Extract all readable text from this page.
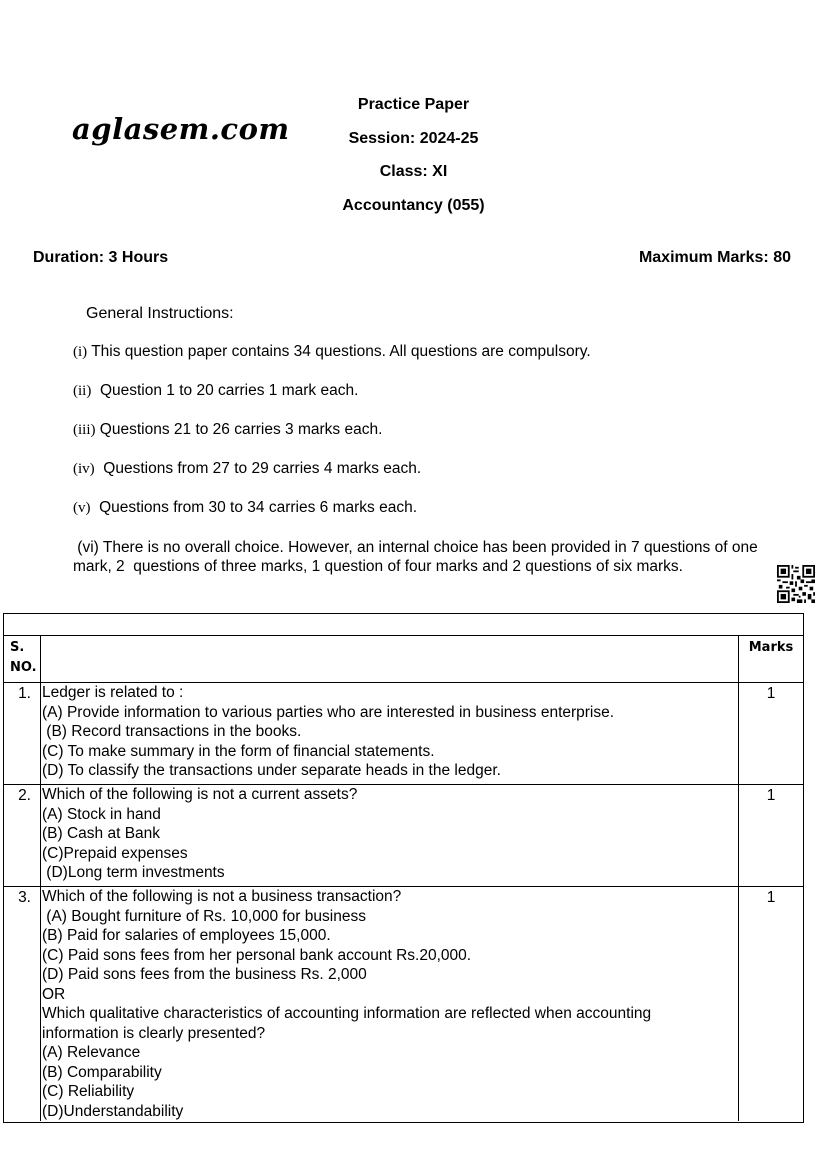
aglasem.com
Practice Paper
Session: 2024-25
Class: XI
Accountancy (055)
Duration: 3 Hours	Maximum Marks: 80
General Instructions:
(i) This question paper contains 34 questions. All questions are compulsory.
(ii)  Question 1 to 20 carries 1 mark each.
(iii) Questions 21 to 26 carries 3 marks each.
(iv)  Questions from 27 to 29 carries 4 marks each.
(v)  Questions from 30 to 34 carries 6 marks each.
(vi) There is no overall choice. However, an internal choice has been provided in 7 questions of one
mark, 2  questions of three marks, 1 question of four marks and 2 questions of six marks.
S. NO.
Marks
1. Ledger is related to :
(A) Provide information to various parties who are interested in business enterprise.
(B) Record transactions in the books.
(C) To make summary in the form of financial statements.
(D) To classify the transactions under separate heads in the ledger.
1
2. Which of the following is not a current assets?
(A) Stock in hand
(B) Cash at Bank
(C)Prepaid expenses
(D)Long term investments
1
3. Which of the following is not a business transaction?
(A) Bought furniture of Rs. 10,000 for business
(B) Paid for salaries of employees 15,000.
(C) Paid sons fees from her personal bank account Rs.20,000.
(D) Paid sons fees from the business Rs. 2,000
OR
Which qualitative characteristics of accounting information are reflected when accounting
information is clearly presented?
(A) Relevance
(B) Comparability
(C) Reliability
(D)Understandability
1
